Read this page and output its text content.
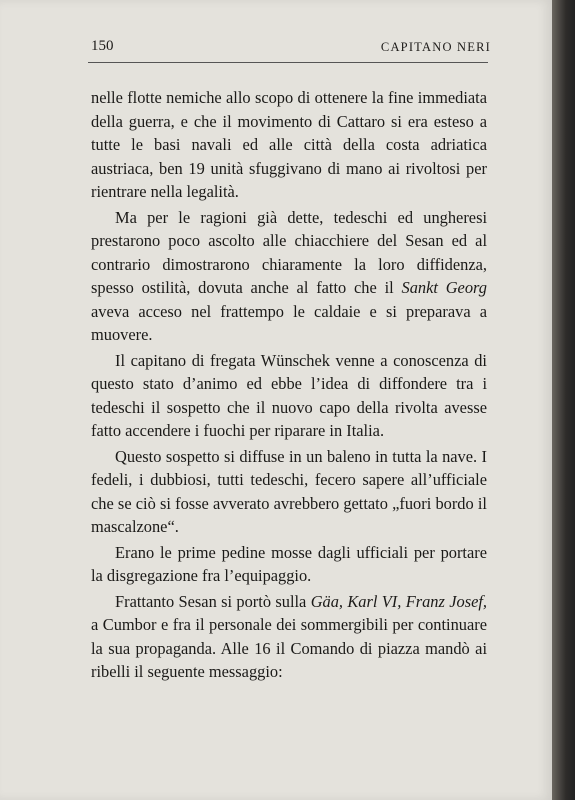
150	CAPITANO NERI

nelle flotte nemiche allo scopo di ottenere la fine immediata della guerra, e che il movimento di Cattaro si era esteso a tutte le basi navali ed alle città della costa adriatica austriaca, ben 19 unità sfuggivano di mano ai rivoltosi per rientrare nella legalità.

Ma per le ragioni già dette, tedeschi ed ungheresi prestarono poco ascolto alle chiacchiere del Sesan ed al contrario dimostrarono chiaramente la loro diffidenza, spesso ostilità, dovuta anche al fatto che il Sankt Georg aveva acceso nel frattempo le caldaie e si preparava a muovere.

Il capitano di fregata Wünschek venne a conoscenza di questo stato d’animo ed ebbe l’idea di diffondere tra i tedeschi il sospetto che il nuovo capo della rivolta avesse fatto accendere i fuochi per riparare in Italia.

Questo sospetto si diffuse in un baleno in tutta la nave. I fedeli, i dubbiosi, tutti tedeschi, fecero sapere all’ufficiale che se ciò si fosse avverato avrebbero gettato „fuori bordo il mascalzone“.

Erano le prime pedine mosse dagli ufficiali per portare la disgregazione fra l’equipaggio.

Frattanto Sesan si portò sulla Gäa, Karl VI, Franz Josef, a Cumbor e fra il personale dei sommergibili per continuare la sua propaganda. Alle 16 il Comando di piazza mandò ai ribelli il seguente messaggio:
